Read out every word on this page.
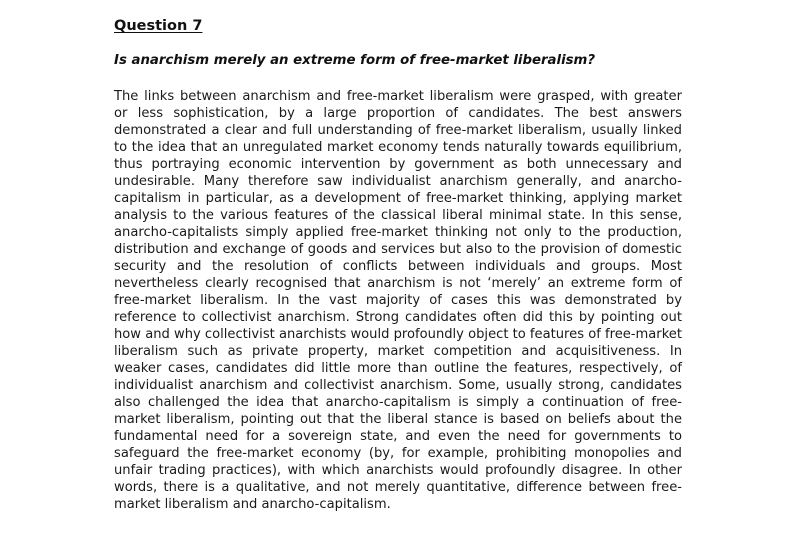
Question 7
Is anarchism merely an extreme form of free-market liberalism?

The links between anarchism and free-market liberalism were grasped, with greater or less sophistication, by a large proportion of candidates. The best answers demonstrated a clear and full understanding of free-market liberalism, usually linked to the idea that an unregulated market economy tends naturally towards equilibrium, thus portraying economic intervention by government as both unnecessary and undesirable. Many therefore saw individualist anarchism generally, and anarcho-capitalism in particular, as a development of free-market thinking, applying market analysis to the various features of the classical liberal minimal state. In this sense, anarcho-capitalists simply applied free-market thinking not only to the production, distribution and exchange of goods and services but also to the provision of domestic security and the resolution of conflicts between individuals and groups. Most nevertheless clearly recognised that anarchism is not ‘merely’ an extreme form of free-market liberalism. In the vast majority of cases this was demonstrated by reference to collectivist anarchism. Strong candidates often did this by pointing out how and why collectivist anarchists would profoundly object to features of free-market liberalism such as private property, market competition and acquisitiveness. In weaker cases, candidates did little more than outline the features, respectively, of individualist anarchism and collectivist anarchism. Some, usually strong, candidates also challenged the idea that anarcho-capitalism is simply a continuation of free-market liberalism, pointing out that the liberal stance is based on beliefs about the fundamental need for a sovereign state, and even the need for governments to safeguard the free-market economy (by, for example, prohibiting monopolies and unfair trading practices), with which anarchists would profoundly disagree. In other words, there is a qualitative, and not merely quantitative, difference between free-market liberalism and anarcho-capitalism.
